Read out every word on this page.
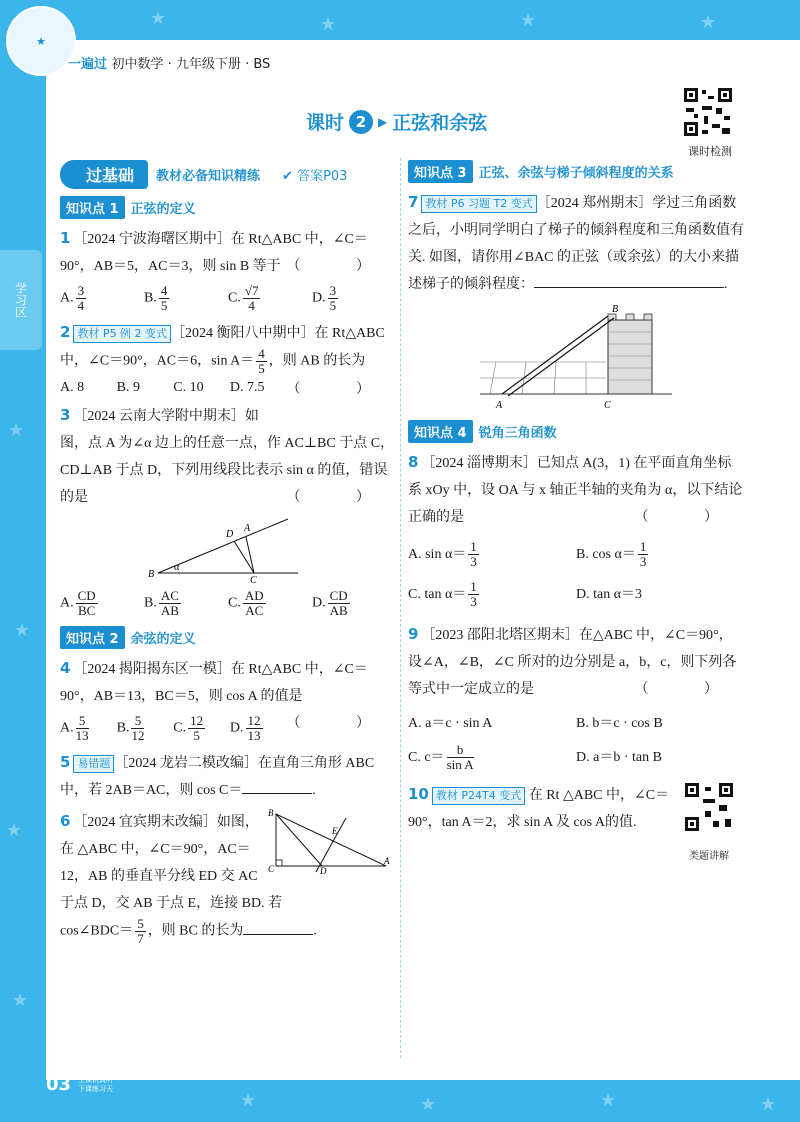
★	★	★	★
★
★
★
★
★	★	★	★
★
一遍过 初中数学 · 九年级下册 · BS
学习区
课时 2 ▶ 正弦和余弦
课时检测
过基础	教材必备知识精练 ✔ 答案P03
知识点 1 正弦的定义
1 ［2024 宁波海曙区期中］在 Rt△ABC 中，∠C＝90°，AB＝5，AC＝3，则 sin B 等于 （ ）
A. $\frac{3}{4}$	B. $\frac{4}{5}$	C. $\frac{√7}{4}$	D. $\frac{3}{5}$
2 教材 P5 例 2 变式 ［2024 衡阳八中期中］在 Rt△ABC中，∠C＝90°，AC＝6，$\sin A= \frac{4}{5}$ ，则 AB 的长为
（ ）
A. 8	B. 9	C. 10	D. 7.5
3 ［2024 云南大学附中期末］如图，点 A 为∠α 边上的任意一点，作 AC⊥BC 于点 C，CD⊥AB 于点 D，下列用线段比表示 sin α 的值，错误的是	（ ）
B
α
C
D
A
A. $\frac{CD}{BC}$	B. $\frac{AC}{AB}$	C. $\frac{AD}{AC}$	D. $\frac{CD}{AB}$
知识点 2 余弦的定义
4 ［2024 揭阳揭东区一模］在 Rt△ABC 中，∠C＝90°，AB＝13，BC＝5，则 cos A 的值是
（ ）
A. $\frac{5}{13} B$. $\frac{5}{12} C$. $\frac{12}{5} D$. $\frac{12}{13}$
5 易错题 ［2024 龙岩二模改编］在直角三角形 ABC 中，若 2AB＝AC，则 cos C＝	.
B
C	D
E
A
6 ［2024 宜宾期末改编］如图，在 △ABC 中，∠C＝90°，AC＝12，AB 的垂直平分线 ED 交 AC 于点 D，交 AB 于点 E，连接 BD. 若
cos∠BDC＝ $\frac{5}{7}$ ，则 BC 的长为	.
知识点 3 正弦、余弦与梯子倾斜程度的关系
7 教材 P6 习题 T2 变式 ［2024 郑州期末］学过三角函数之后，小明同学明白了梯子的倾斜程度和三角函数值有关. 如图，请你用∠BAC 的正弦（或余弦）的大小来描述梯子的倾斜程度：	.
A	C
B
知识点 4 锐角三角函数
8 ［2024 淄博期末］已知点 A(3，1) 在平面直角坐标系 xOy 中，设 OA 与 x 轴正半轴的夹角为 α，以下结论正确的是	（ ）
A. $\sin \alpha= \frac{1}{3}$	B. $\cos \alpha= \frac{1}{3}$
C. $\tan \alpha= \frac{1}{3}$	D. tan α＝3
9 ［2023 邵阳北塔区期末］在△ABC 中，∠C＝90°，设∠A，∠B，∠C 所对的边分别是 a，b，c，则下列各等式中一定成立的是	（ ）
A. a＝c · sin A	B. b＝c · cos B
C. $c= \frac{b}{\text{sin A}}$	D. a＝b · tan B
类题讲解
10 教材 P24T4 变式 在 Rt △ABC 中，∠C＝90°，tan A＝2，求 sin A 及 cos A的值.
03 上课认真听
下课练习天
